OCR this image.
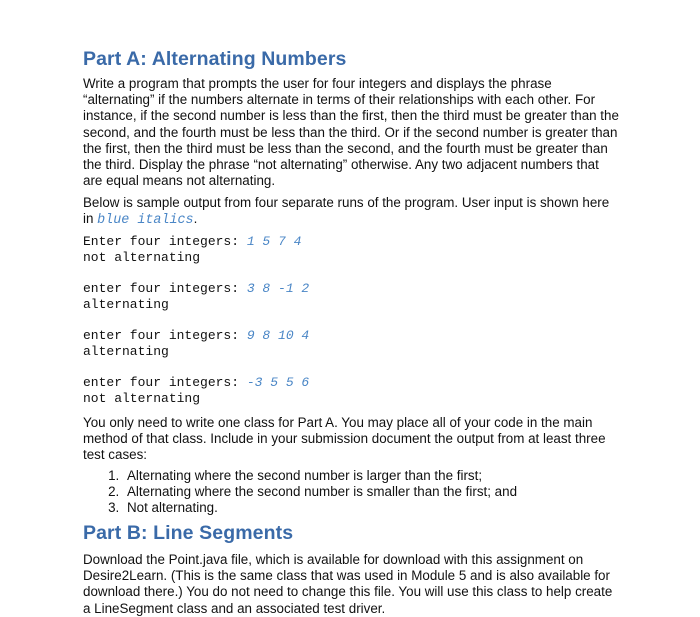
Part A: Alternating Numbers

Write a program that prompts the user for four integers and displays the phrase “alternating” if the numbers alternate in terms of their relationships with each other. For instance, if the second number is less than the first, then the third must be greater than the second, and the fourth must be less than the third. Or if the second number is greater than the first, then the third must be less than the second, and the fourth must be greater than the third. Display the phrase “not alternating” otherwise. Any two adjacent numbers that are equal means not alternating.

Below is sample output from four separate runs of the program. User input is shown here in blue italics.

Enter four integers: 1 5 7 4
not alternating
enter four integers: 3 8 -1 2
alternating
enter four integers: 9 8 10 4
alternating
enter four integers: -3 5 5 6
not alternating

You only need to write one class for Part A. You may place all of your code in the main method of that class. Include in your submission document the output from at least three test cases:

1. Alternating where the second number is larger than the first;
2. Alternating where the second number is smaller than the first; and
3. Not alternating.
Part B: Line Segments

Download the Point.java file, which is available for download with this assignment on Desire2Learn. (This is the same class that was used in Module 5 and is also available for download there.) You do not need to change this file. You will use this class to help create a LineSegment class and an associated test driver.
